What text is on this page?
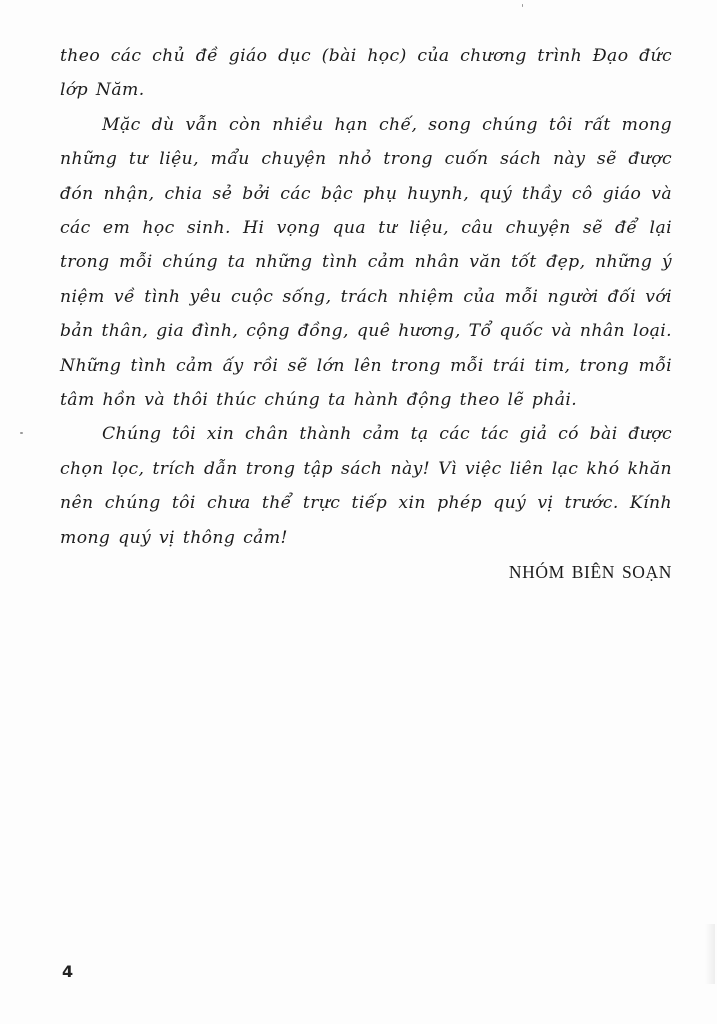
theo các chủ đề giáo dục (bài học) của chương trình Đạo đức lớp Năm.

Mặc dù vẫn còn nhiều hạn chế, song chúng tôi rất mong những tư liệu, mẩu chuyện nhỏ trong cuốn sách này sẽ được đón nhận, chia sẻ bởi các bậc phụ huynh, quý thầy cô giáo và các em học sinh. Hi vọng qua tư liệu, câu chuyện sẽ để lại trong mỗi chúng ta những tình cảm nhân văn tốt đẹp, những ý niệm về tình yêu cuộc sống, trách nhiệm của mỗi người đối với bản thân, gia đình, cộng đồng, quê hương, Tổ quốc và nhân loại. Những tình cảm ấy rồi sẽ lớn lên trong mỗi trái tim, trong mỗi tâm hồn và thôi thúc chúng ta hành động theo lẽ phải.

Chúng tôi xin chân thành cảm tạ các tác giả có bài được chọn lọc, trích dẫn trong tập sách này! Vì việc liên lạc khó khăn nên chúng tôi chưa thể trực tiếp xin phép quý vị trước. Kính mong quý vị thông cảm!

NHÓM BIÊN SOẠN

4
